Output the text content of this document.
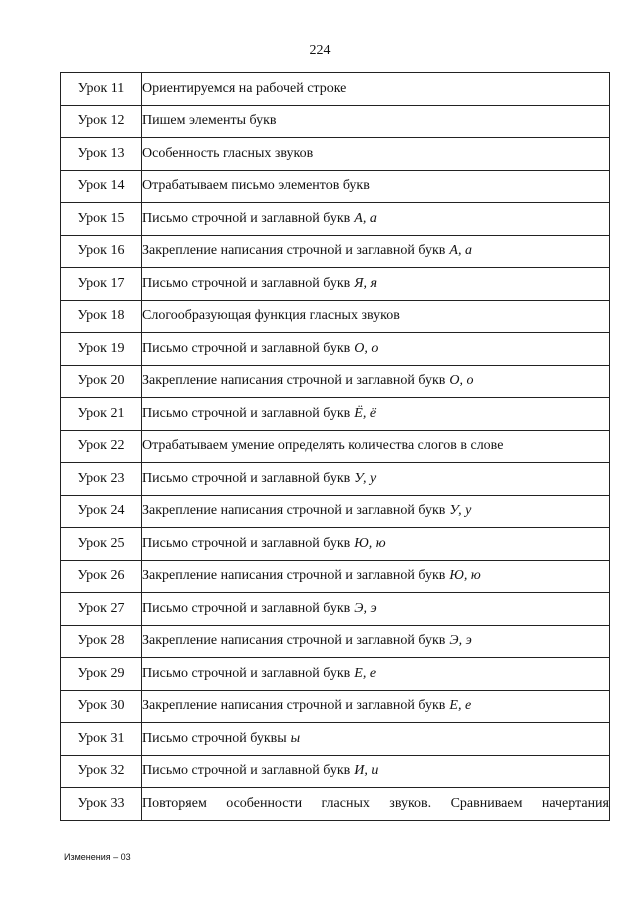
224
Урок 11	Ориентируемся на рабочей строке
Урок 12	Пишем элементы букв
Урок 13	Особенность гласных звуков
Урок 14	Отрабатываем письмо элементов букв
Урок 15	Письмо строчной и заглавной букв А, а
Урок 16	Закрепление написания строчной и заглавной букв А, а
Урок 17	Письмо строчной и заглавной букв Я, я
Урок 18	Слогообразующая функция гласных звуков
Урок 19	Письмо строчной и заглавной букв О, о
Урок 20	Закрепление написания строчной и заглавной букв О, о
Урок 21	Письмо строчной и заглавной букв Ё, ё
Урок 22	Отрабатываем умение определять количества слогов в слове
Урок 23	Письмо строчной и заглавной букв У, у
Урок 24	Закрепление написания строчной и заглавной букв У, у
Урок 25	Письмо строчной и заглавной букв Ю, ю
Урок 26	Закрепление написания строчной и заглавной букв Ю, ю
Урок 27	Письмо строчной и заглавной букв Э, э
Урок 28	Закрепление написания строчной и заглавной букв Э, э
Урок 29	Письмо строчной и заглавной букв Е, е
Урок 30	Закрепление написания строчной и заглавной букв Е, е
Урок 31	Письмо строчной буквы ы
Урок 32	Письмо строчной и заглавной букв И, и
Урок 33	Повторяем особенности гласных звуков. Сравниваем начертания
Изменения – 03
